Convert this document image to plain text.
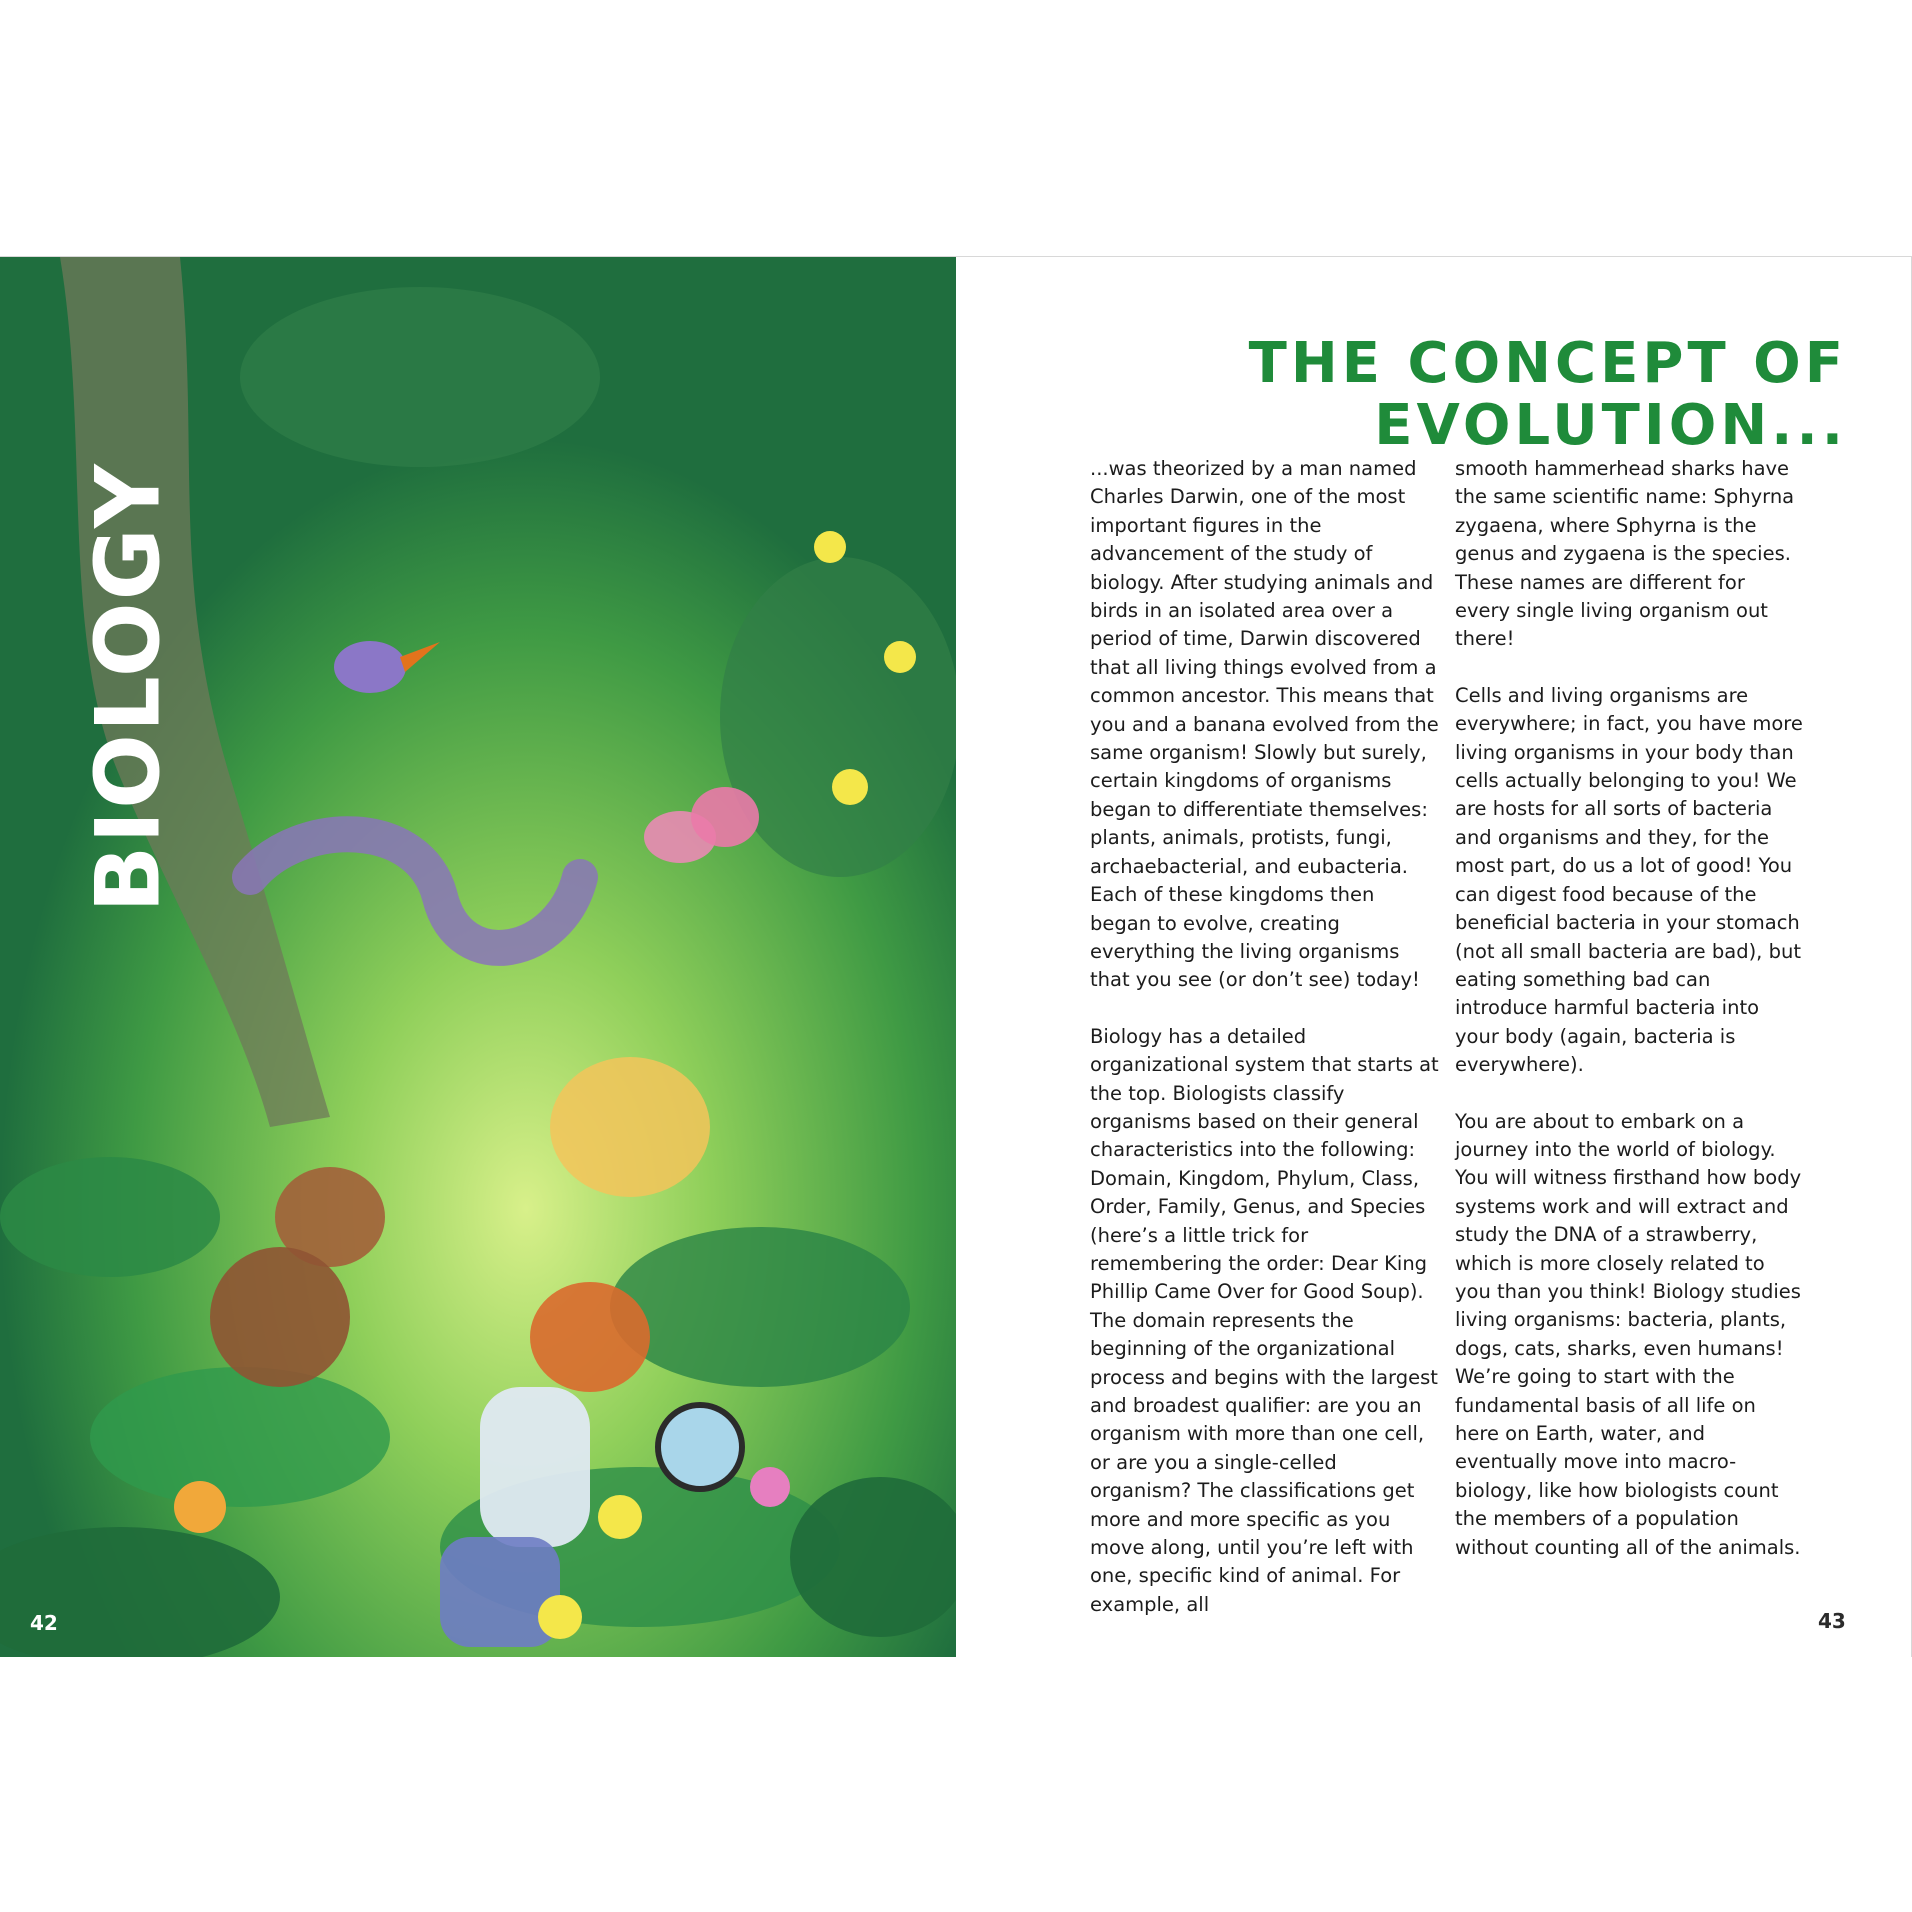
BIOLOGY
42
THE CONCEPT OF
EVOLUTION...

...was theorized by a man named Charles Darwin, one of the most important figures in the advancement of the study of biology. After studying animals and birds in an isolated area over a period of time, Darwin discovered that all living things evolved from a common ancestor. This means that you and a banana evolved from the same organism! Slowly but surely, certain kingdoms of organisms began to differentiate themselves: plants, animals, protists, fungi, archaebacterial, and eubacteria. Each of these kingdoms then began to evolve, creating everything the living organisms that you see (or don’t see) today!

Biology has a detailed organizational system that starts at the top. Biologists classify organisms based on their general characteristics into the following: Domain, Kingdom, Phylum, Class, Order, Family, Genus, and Species (here’s a little trick for remembering the order: Dear King Phillip Came Over for Good Soup). The domain represents the beginning of the organizational process and begins with the largest and broadest qualifier: are you an organism with more than one cell, or are you a single-celled organism? The classifications get more and more specific as you move along, until you’re left with one, specific kind of animal. For example, all

smooth hammerhead sharks have the same scientific name: Sphyrna zygaena, where Sphyrna is the genus and zygaena is the species. These names are different for every single living organism out there!

Cells and living organisms are everywhere; in fact, you have more living organisms in your body than cells actually belonging to you! We are hosts for all sorts of bacteria and organisms and they, for the most part, do us a lot of good! You can digest food because of the beneficial bacteria in your stomach (not all small bacteria are bad), but eating something bad can introduce harmful bacteria into your body (again, bacteria is everywhere).

You are about to embark on a journey into the world of biology. You will witness firsthand how body systems work and will extract and study the DNA of a strawberry, which is more closely related to you than you think! Biology studies living organisms: bacteria, plants, dogs, cats, sharks, even humans! We’re going to start with the fundamental basis of all life on here on Earth, water, and eventually move into macro-biology, like how biologists count the members of a population without counting all of the animals.

43
